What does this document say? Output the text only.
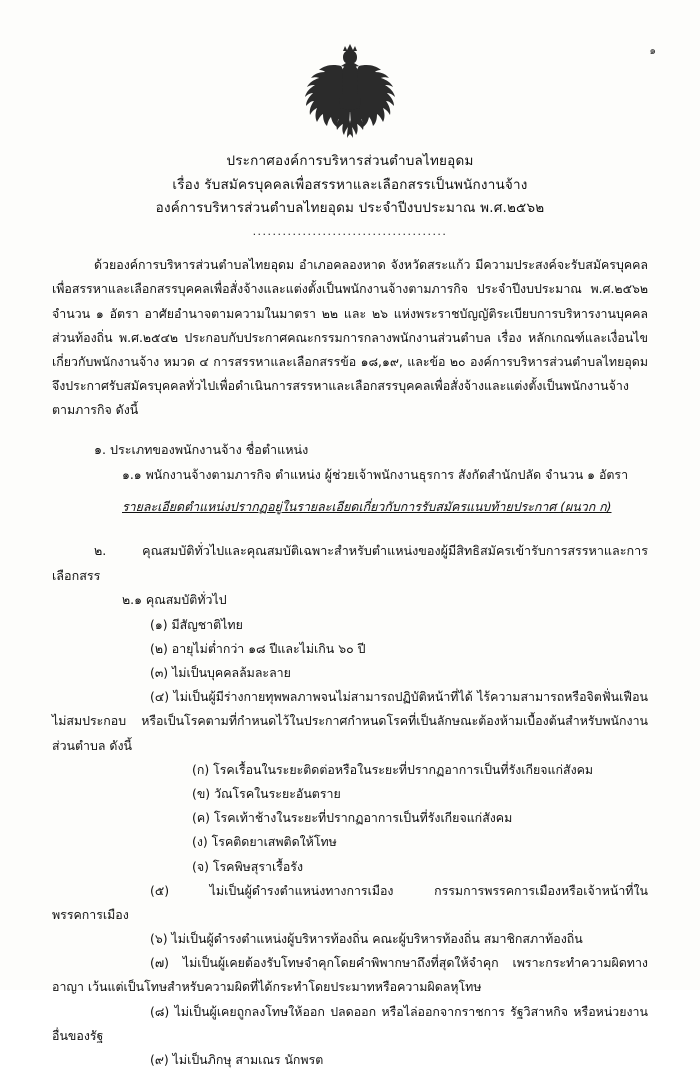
๑
ประกาศองค์การบริหารส่วนตำบลไทยอุดม
เรื่อง รับสมัครบุคคลเพื่อสรรหาและเลือกสรรเป็นพนักงานจ้าง
องค์การบริหารส่วนตำบลไทยอุดม ประจำปีงบประมาณ พ.ศ.๒๕๖๒
.......................................
ด้วยองค์การบริหารส่วนตำบลไทยอุดม อำเภอคลองหาด จังหวัดสระแก้ว มีความประสงค์จะรับสมัครบุคคลเพื่อสรรหาและเลือกสรรบุคคลเพื่อสั่งจ้างและแต่งตั้งเป็นพนักงานจ้างตามภารกิจ ประจำปีงบประมาณ พ.ศ.๒๕๖๒ จำนวน ๑ อัตรา อาศัยอำนาจตามความในมาตรา ๒๒ และ ๒๖ แห่งพระราชบัญญัติระเบียบการบริหารงานบุคคลส่วนท้องถิ่น พ.ศ.๒๕๔๒ ประกอบกับประกาศคณะกรรมการกลางพนักงานส่วนตำบล เรื่อง หลักเกณฑ์และเงื่อนไขเกี่ยวกับพนักงานจ้าง หมวด ๔ การสรรหาและเลือกสรรข้อ ๑๘,๑๙, และข้อ ๒๐ องค์การบริหารส่วนตำบลไทยอุดม จึงประกาศรับสมัครบุคคลทั่วไปเพื่อดำเนินการสรรหาและเลือกสรรบุคคลเพื่อสั่งจ้างและแต่งตั้งเป็นพนักงานจ้างตามภารกิจ ดังนี้
๑. ประเภทของพนักงานจ้าง ชื่อตำแหน่ง
๑.๑ พนักงานจ้างตามภารกิจ ตำแหน่ง ผู้ช่วยเจ้าพนักงานธุรการ สังกัดสำนักปลัด จำนวน ๑ อัตรา
รายละเอียดตำแหน่งปรากฏอยู่ในรายละเอียดเกี่ยวกับการรับสมัครแนบท้ายประกาศ (ผนวก ก)
๒. คุณสมบัติทั่วไปและคุณสมบัติเฉพาะสำหรับตำแหน่งของผู้มีสิทธิสมัครเข้ารับการสรรหาและการเลือกสรร
๒.๑ คุณสมบัติทั่วไป
(๑) มีสัญชาติไทย
(๒) อายุไม่ต่ำกว่า ๑๘ ปีและไม่เกิน ๖๐ ปี
(๓) ไม่เป็นบุคคลล้มละลาย
(๔) ไม่เป็นผู้มีร่างกายทุพพลภาพจนไม่สามารถปฏิบัติหน้าที่ได้ ไร้ความสามารถหรือจิตฟั่นเฟือนไม่สมประกอบ หรือเป็นโรคตามที่กำหนดไว้ในประกาศกำหนดโรคที่เป็นลักษณะต้องห้ามเบื้องต้นสำหรับพนักงานส่วนตำบล ดังนี้
(ก) โรคเรื้อนในระยะติดต่อหรือในระยะที่ปรากฏอาการเป็นที่รังเกียจแก่สังคม
(ข) วัณโรคในระยะอันตราย
(ค) โรคเท้าช้างในระยะที่ปรากฏอาการเป็นที่รังเกียจแก่สังคม
(ง) โรคติดยาเสพติดให้โทษ
(จ) โรคพิษสุราเรื้อรัง
(๕) ไม่เป็นผู้ดำรงตำแหน่งทางการเมือง กรรมการพรรคการเมืองหรือเจ้าหน้าที่ในพรรคการเมือง
(๖) ไม่เป็นผู้ดำรงตำแหน่งผู้บริหารท้องถิ่น คณะผู้บริหารท้องถิ่น สมาชิกสภาท้องถิ่น
(๗) ไม่เป็นผู้เคยต้องรับโทษจำคุกโดยคำพิพากษาถึงที่สุดให้จำคุก เพราะกระทำความผิดทางอาญา เว้นแต่เป็นโทษสำหรับความผิดที่ได้กระทำโดยประมาทหรือความผิดลหุโทษ
(๘) ไม่เป็นผู้เคยถูกลงโทษให้ออก ปลดออก หรือไล่ออกจากราชการ รัฐวิสาหกิจ หรือหน่วยงานอื่นของรัฐ
(๙) ไม่เป็นภิกษุ สามเณร นักพรต
